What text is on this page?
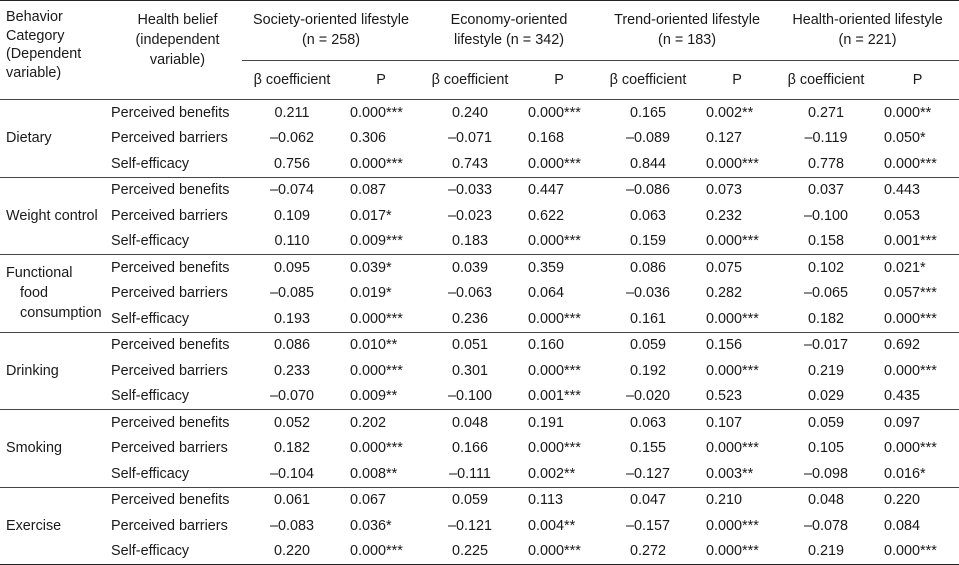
Behavior
Category
(Dependent
variable)	Health belief
(independent
variable)	Society-oriented lifestyle
(n = 258)		Economy-oriented
lifestyle (n = 342)		Trend-oriented lifestyle
(n = 183)		Health-oriented lifestyle
(n = 221)	
		β coefficient	P	β coefficient	P	β coefficient	P	β coefficient	P
Dietary	Perceived benefits	0.211	0.000***	0.240	0.000***	0.165	0.002**	0.271	0.000**
	Perceived barriers	–0.062	0.306	–0.071	0.168	–0.089	0.127	–0.119	0.050*
	Self-efficacy	0.756	0.000***	0.743	0.000***	0.844	0.000***	0.778	0.000***
Weight control	Perceived benefits	–0.074	0.087	–0.033	0.447	–0.086	0.073	0.037	0.443
	Perceived barriers	0.109	0.017*	–0.023	0.622	0.063	0.232	–0.100	0.053
	Self-efficacy	0.110	0.009***	0.183	0.000***	0.159	0.000***	0.158	0.001***

Functional
food
consumption	Perceived benefits	0.095	0.039*	0.039	0.359	0.086	0.075	0.102	0.021*
	Perceived barriers	–0.085	0.019*	–0.063	0.064	–0.036	0.282	–0.065	0.057***
	Self-efficacy	0.193	0.000***	0.236	0.000***	0.161	0.000***	0.182	0.000***
Drinking	Perceived benefits	0.086	0.010**	0.051	0.160	0.059	0.156	–0.017	0.692
	Perceived barriers	0.233	0.000***	0.301	0.000***	0.192	0.000***	0.219	0.000***
	Self-efficacy	–0.070	0.009**	–0.100	0.001***	–0.020	0.523	0.029	0.435
Smoking	Perceived benefits	0.052	0.202	0.048	0.191	0.063	0.107	0.059	0.097
	Perceived barriers	0.182	0.000***	0.166	0.000***	0.155	0.000***	0.105	0.000***
	Self-efficacy	–0.104	0.008**	–0.111	0.002**	–0.127	0.003**	–0.098	0.016*
Exercise	Perceived benefits	0.061	0.067	0.059	0.113	0.047	0.210	0.048	0.220
	Perceived barriers	–0.083	0.036*	–0.121	0.004**	–0.157	0.000***	–0.078	0.084
	Self-efficacy	0.220	0.000***	0.225	0.000***	0.272	0.000***	0.219	0.000***
